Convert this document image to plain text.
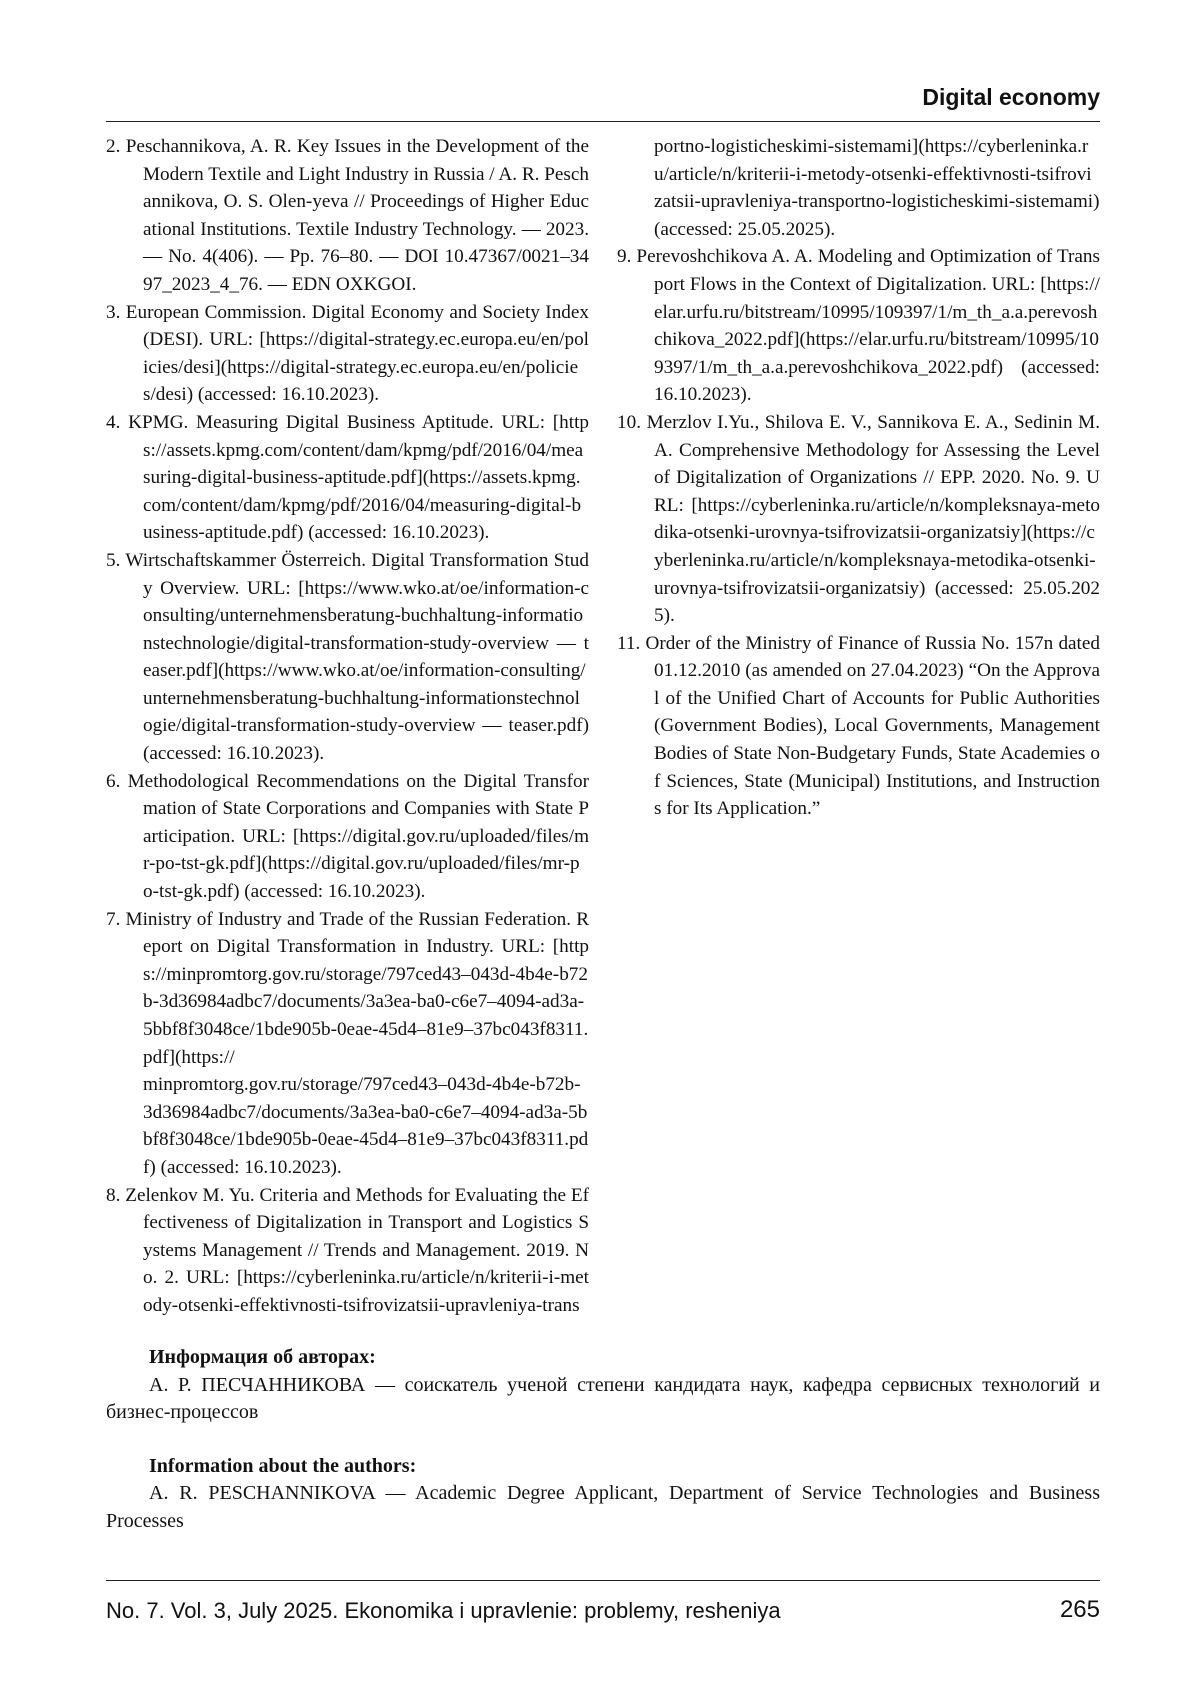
Digital economy
2. Peschannikova, A. R. Key Issues in the Development of the Modern Textile and Light Industry in Russia / A. R. Peschannikova, O. S. Olen-yeva // Proceedings of Higher Educational Institutions. Textile Industry Technology. — 2023. — No. 4(406). — Pp. 76–80. — DOI 10.47367/0021–3497_2023_4_76. — EDN OXKGOI.
3. European Commission. Digital Economy and Society Index (DESI). URL: [https://digital-strategy.ec.europa.eu/en/policies/desi](https://digital-strategy.ec.europa.eu/en/policies/desi) (accessed: 16.10.2023).
4. KPMG. Measuring Digital Business Aptitude. URL: [https://assets.kpmg.com/content/dam/kpmg/pdf/2016/04/measuring-digital-business-aptitude.pdf](https://assets.kpmg.com/content/dam/kpmg/pdf/2016/04/measuring-digital-business-aptitude.pdf) (accessed: 16.10.2023).
5. Wirtschaftskammer Österreich. Digital Transformation Study Overview. URL: [https://www.wko.at/oe/information-consulting/unternehmensberatung-buchhaltung-informationstechnologie/digital-transformation-study-overview — teaser.pdf](https://www.wko.at/oe/information-consulting/unternehmensberatung-buchhaltung-informationstechnologie/digital-transformation-study-overview — teaser.pdf) (accessed: 16.10.2023).
6. Methodological Recommendations on the Digital Transformation of State Corporations and Companies with State Participation. URL: [https://digital.gov.ru/uploaded/files/mr-po-tst-gk.pdf](https://digital.gov.ru/uploaded/files/mr-po-tst-gk.pdf) (accessed: 16.10.2023).
7. Ministry of Industry and Trade of the Russian Federation. Report on Digital Transformation in Industry. URL: [https://minpromtorg.gov.ru/storage/797ced43–043d-4b4e-b72b-3d36984adbc7/documents/3a3ea-ba0-c6e7–4094-ad3a-5bbf8f3048ce/1bde905b-0eae-45d4–81e9–37bc043f8311.pdf](https://
minpromtorg.gov.ru/storage/797ced43–043d-4b4e-b72b-3d36984adbc7/documents/3a3ea-ba0-c6e7–4094-ad3a-5bbf8f3048ce/1bde905b-0eae-45d4–81e9–37bc043f8311.pdf) (accessed: 16.10.2023).
8. Zelenkov M. Yu. Criteria and Methods for Evaluating the Effectiveness of Digitalization in Transport and Logistics Systems Management // Trends and Management. 2019. No. 2. URL: [https://cyberleninka.ru/article/n/kriterii-i-metody-otsenki-effektivnosti-tsifrovizatsii-upravleniya-transportno-logisticheskimi-sistemami](https://cyberleninka.ru/article/n/kriterii-i-metody-otsenki-effektivnosti-tsifrovizatsii-upravleniya-transportno-logisticheskimi-sistemami) (accessed: 25.05.2025).
9. Perevoshchikova A. A. Modeling and Optimization of Transport Flows in the Context of Digitalization. URL: [https://elar.urfu.ru/bitstream/10995/109397/1/m_th_a.a.perevoshchikova_2022.pdf](https://elar.urfu.ru/bitstream/10995/109397/1/m_th_a.a.perevoshchikova_2022.pdf) (accessed: 16.10.2023).
10. Merzlov I.Yu., Shilova E. V., Sannikova E. A., Sedinin M. A. Comprehensive Methodology for Assessing the Level of Digitalization of Organizations // EPP. 2020. No. 9. URL: [https://cyberleninka.ru/article/n/kompleksnaya-metodika-otsenki-urovnya-tsifrovizatsii-organizatsiy](https://cyberleninka.ru/article/n/kompleksnaya-metodika-otsenki-urovnya-tsifrovizatsii-organizatsiy) (accessed: 25.05.2025).
11. Order of the Ministry of Finance of Russia No. 157n dated 01.12.2010 (as amended on 27.04.2023) “On the Approval of the Unified Chart of Accounts for Public Authorities (Government Bodies), Local Governments, Management Bodies of State Non-Budgetary Funds, State Academies of Sciences, State (Municipal) Institutions, and Instructions for Its Application.”

Информация об авторах:

А. Р. ПЕСЧАННИКОВА — соискатель ученой степени кандидата наук, кафедра сервисных технологий и бизнес-процессов

Information about the authors:

A. R. PESCHANNIKOVA — Academic Degree Applicant, Department of Service Technologies and Business Processes

No. 7. Vol. 3, July 2025. Ekonomika i upravlenie: problemy, resheniya	265
